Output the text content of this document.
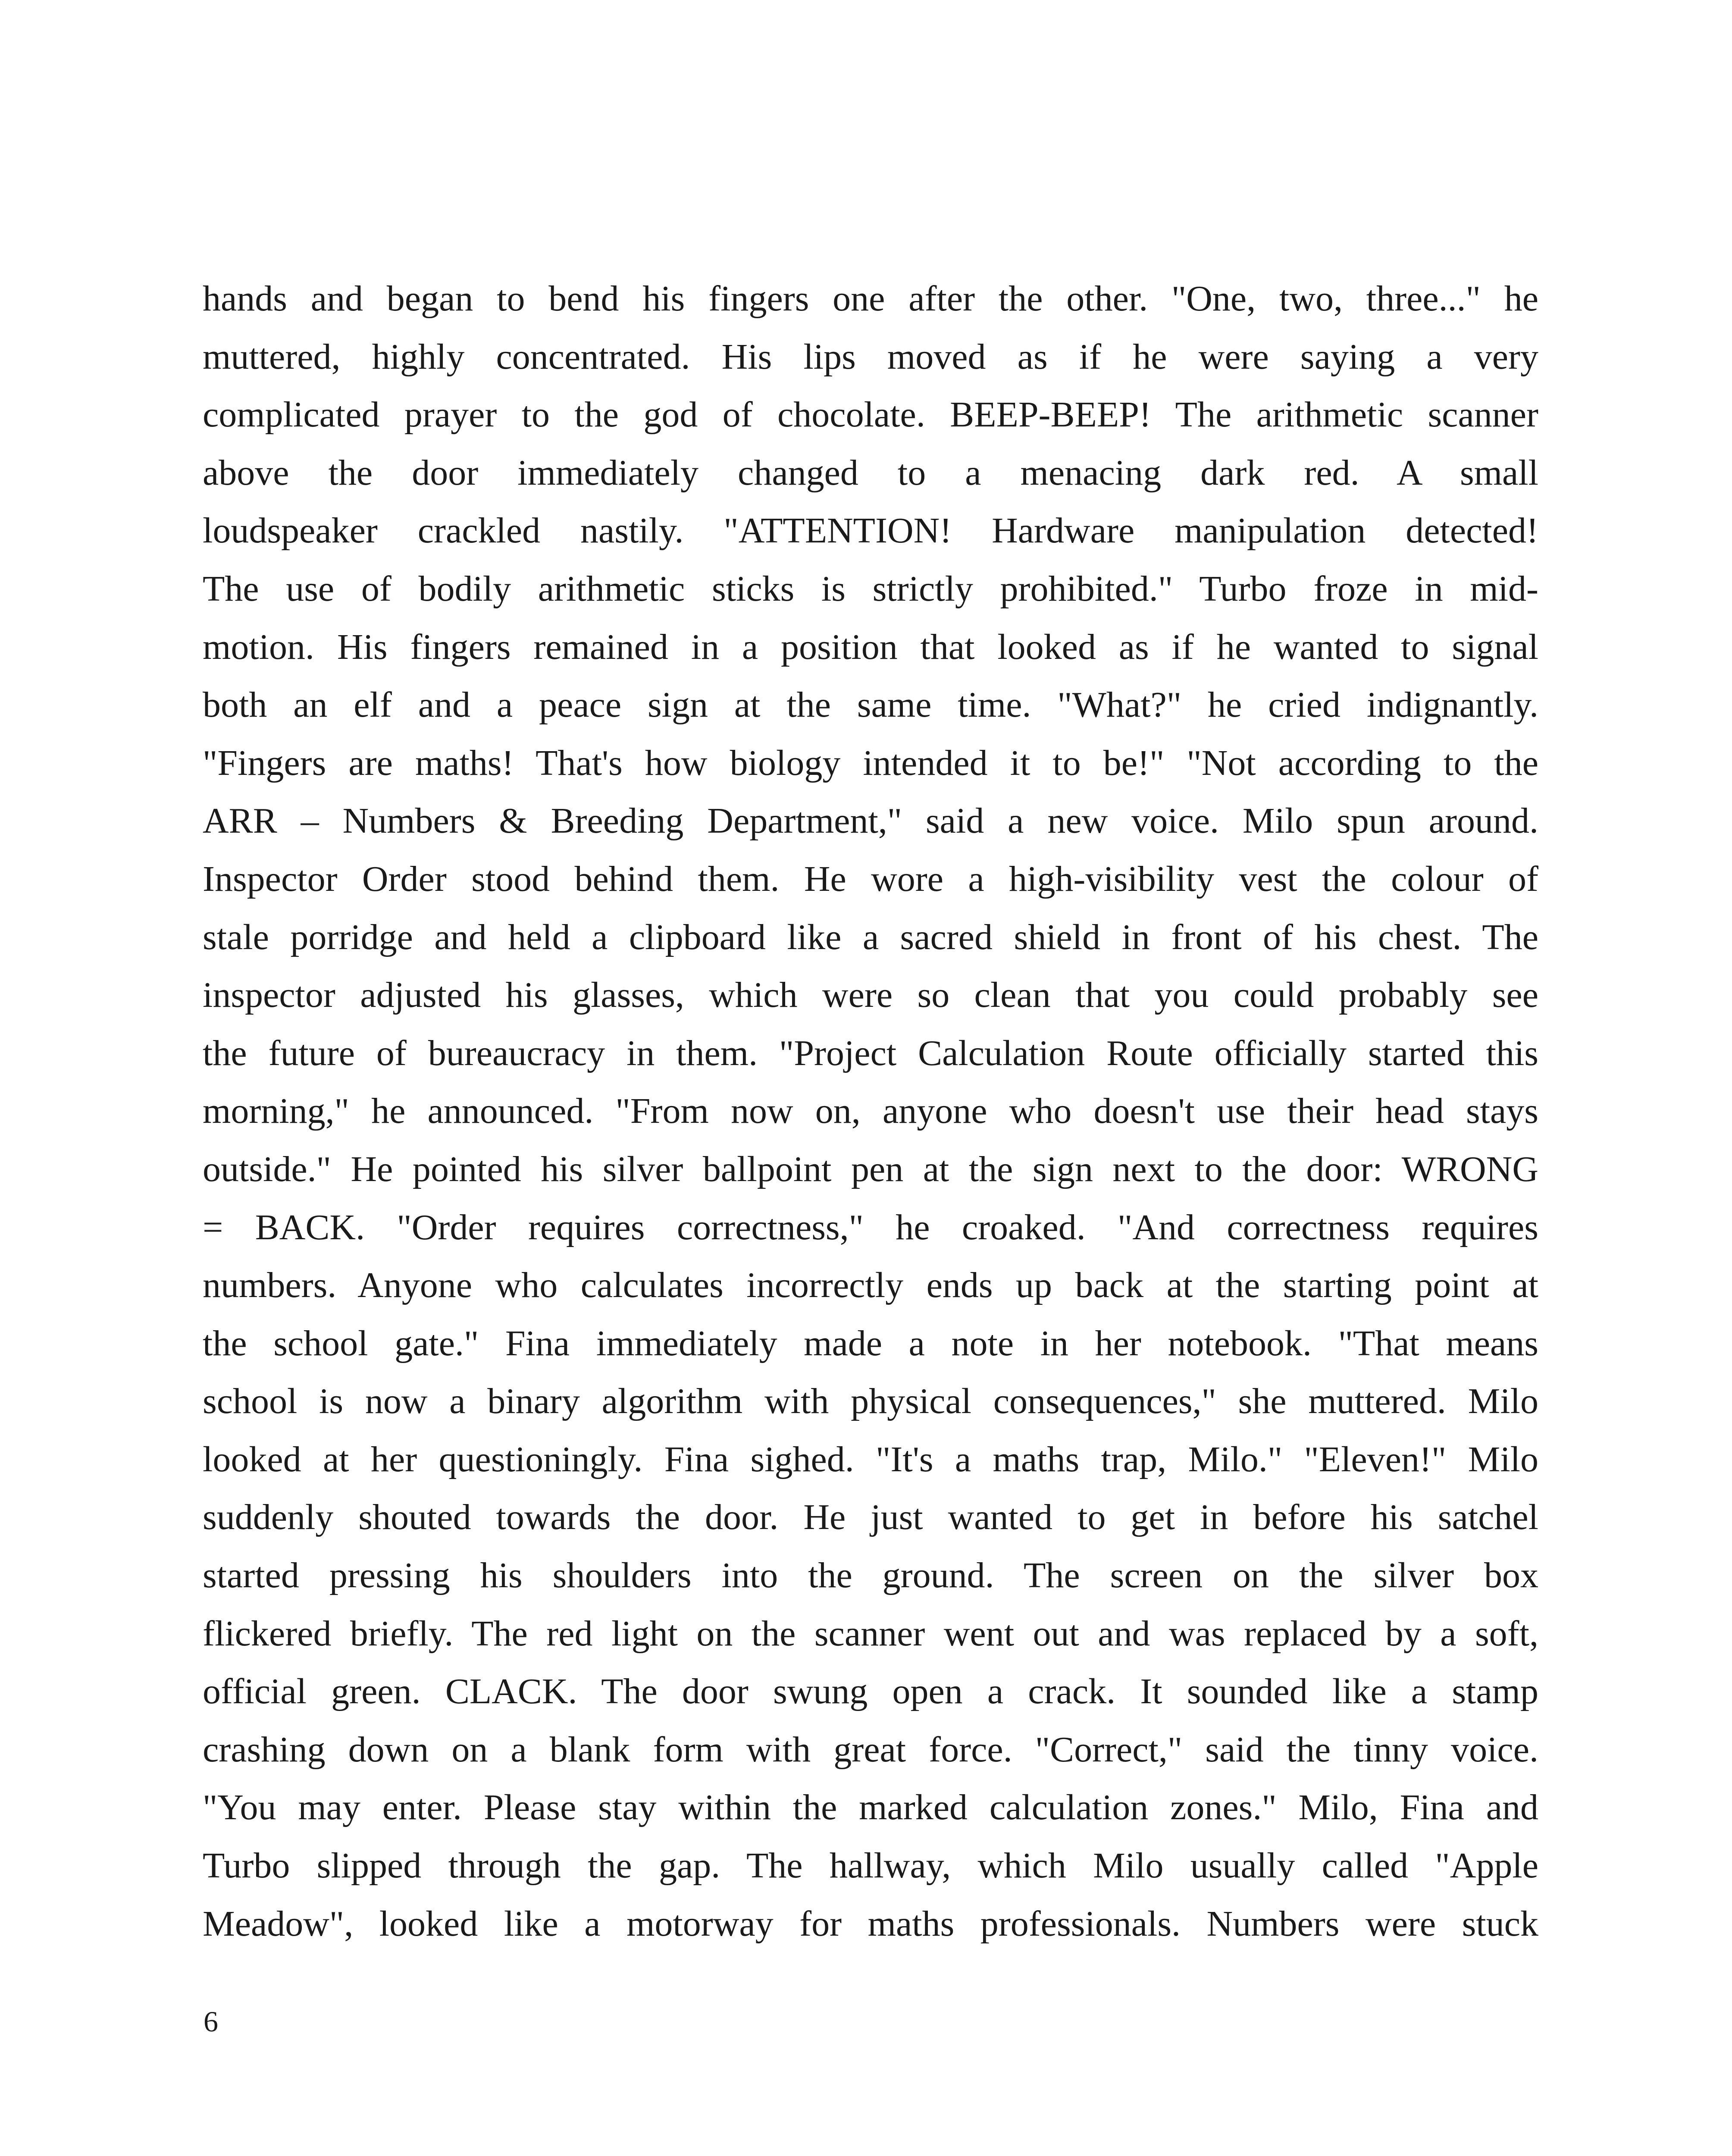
hands and began to bend his fingers one after the other. "One, two, three..." he
muttered, highly concentrated. His lips moved as if he were saying a very
complicated prayer to the god of chocolate. BEEP-BEEP! The arithmetic scanner
above the door immediately changed to a menacing dark red. A small
loudspeaker crackled nastily. "ATTENTION! Hardware manipulation detected!
The use of bodily arithmetic sticks is strictly prohibited." Turbo froze in mid-
motion. His fingers remained in a position that looked as if he wanted to signal
both an elf and a peace sign at the same time. "What?" he cried indignantly.
"Fingers are maths! That's how biology intended it to be!" "Not according to the
ARR – Numbers & Breeding Department," said a new voice. Milo spun around.
Inspector Order stood behind them. He wore a high-visibility vest the colour of
stale porridge and held a clipboard like a sacred shield in front of his chest. The
inspector adjusted his glasses, which were so clean that you could probably see
the future of bureaucracy in them. "Project Calculation Route officially started this
morning," he announced. "From now on, anyone who doesn't use their head stays
outside." He pointed his silver ballpoint pen at the sign next to the door: WRONG
= BACK. "Order requires correctness," he croaked. "And correctness requires
numbers. Anyone who calculates incorrectly ends up back at the starting point at
the school gate." Fina immediately made a note in her notebook. "That means
school is now a binary algorithm with physical consequences," she muttered. Milo
looked at her questioningly. Fina sighed. "It's a maths trap, Milo." "Eleven!" Milo
suddenly shouted towards the door. He just wanted to get in before his satchel
started pressing his shoulders into the ground. The screen on the silver box
flickered briefly. The red light on the scanner went out and was replaced by a soft,
official green. CLACK. The door swung open a crack. It sounded like a stamp
crashing down on a blank form with great force. "Correct," said the tinny voice.
"You may enter. Please stay within the marked calculation zones." Milo, Fina and
Turbo slipped through the gap. The hallway, which Milo usually called "Apple
Meadow", looked like a motorway for maths professionals. Numbers were stuck
6
